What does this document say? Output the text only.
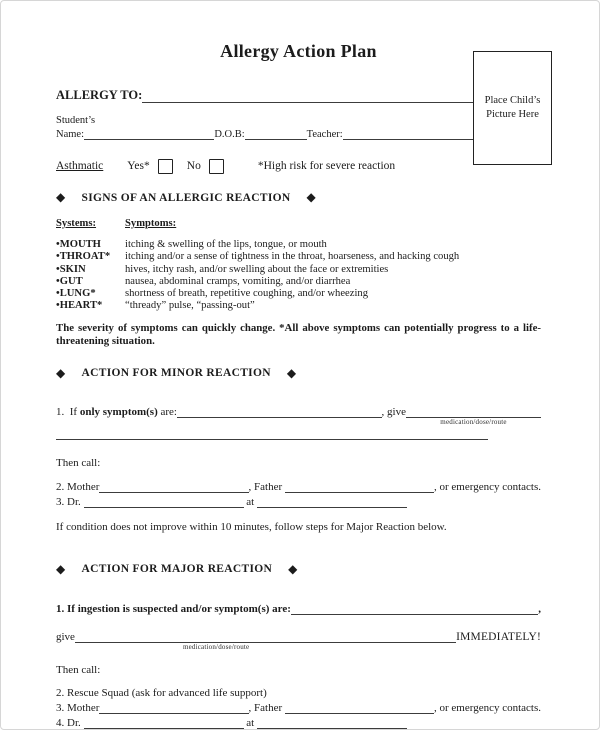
Place Child’s Picture Here
Allergy Action Plan
ALLERGY TO:
Student’s
Name:	D.O.B:	Teacher:
Asthmatic Yes*	No	*High risk for severe reaction
◆ SIGNS OF AN ALLERGIC REACTION ◆
Systems:	Symptoms:
•MOUTH	itching & swelling of the lips, tongue, or mouth
•THROAT*	itching and/or a sense of tightness in the throat, hoarseness, and hacking cough
•SKIN	hives, itchy rash, and/or swelling about the face or extremities
•GUT	nausea, abdominal cramps, vomiting, and/or diarrhea
•LUNG*	shortness of breath, repetitive coughing, and/or wheezing
•HEART*	“thready” pulse, “passing-out”
The severity of symptoms can quickly change. *All above symptoms can potentially progress to a life-
threatening situation.
◆ ACTION FOR MINOR REACTION ◆
1.  If only symptom(s) are:	, give
medication/dose/route
Then call:
2. Mother	, Father	, or emergency contacts.
3. Dr.	at
If condition does not improve within 10 minutes, follow steps for Major Reaction below.
◆ ACTION FOR MAJOR REACTION ◆
1. If ingestion is suspected and/or symptom(s) are:	,
give
medication/dose/route
IMMEDIATELY!
Then call:
2. Rescue Squad (ask for advanced life support)
3. Mother	, Father	, or emergency contacts.
4. Dr.	at
